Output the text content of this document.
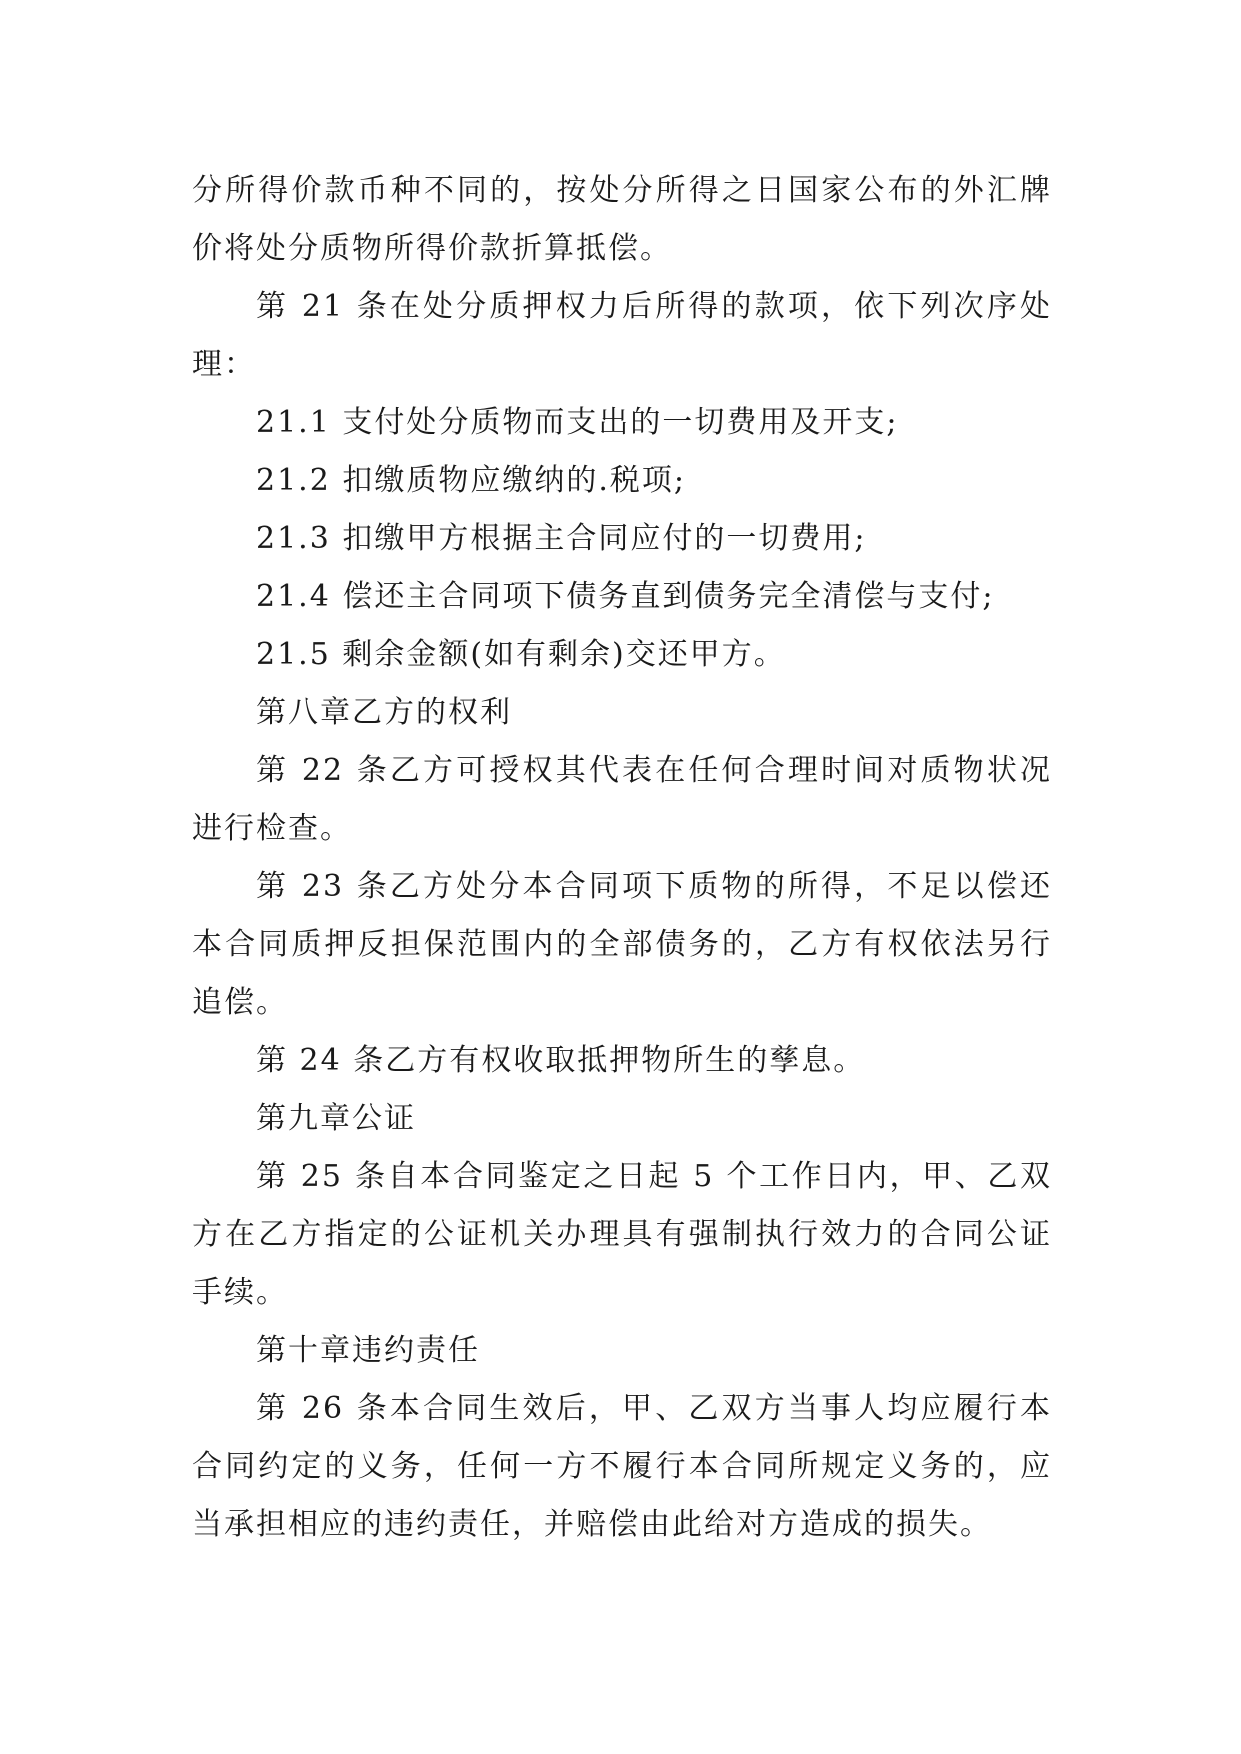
分所得价款币种不同的，按处分所得之日国家公布的外汇牌价将处分质物所得价款折算抵偿。

第 21 条在处分质押权力后所得的款项，依下列次序处理：

21.1 支付处分质物而支出的一切费用及开支;

21.2 扣缴质物应缴纳的.税项;

21.3 扣缴甲方根据主合同应付的一切费用;

21.4 偿还主合同项下债务直到债务完全清偿与支付;

21.5 剩余金额(如有剩余)交还甲方。

第八章乙方的权利

第 22 条乙方可授权其代表在任何合理时间对质物状况进行检查。

第 23 条乙方处分本合同项下质物的所得，不足以偿还本合同质押反担保范围内的全部债务的，乙方有权依法另行追偿。

第 24 条乙方有权收取抵押物所生的孳息。

第九章公证

第 25 条自本合同鉴定之日起 5 个工作日内，甲、乙双方在乙方指定的公证机关办理具有强制执行效力的合同公证手续。

第十章违约责任

第 26 条本合同生效后，甲、乙双方当事人均应履行本合同约定的义务，任何一方不履行本合同所规定义务的，应当承担相应的违约责任，并赔偿由此给对方造成的损失。
